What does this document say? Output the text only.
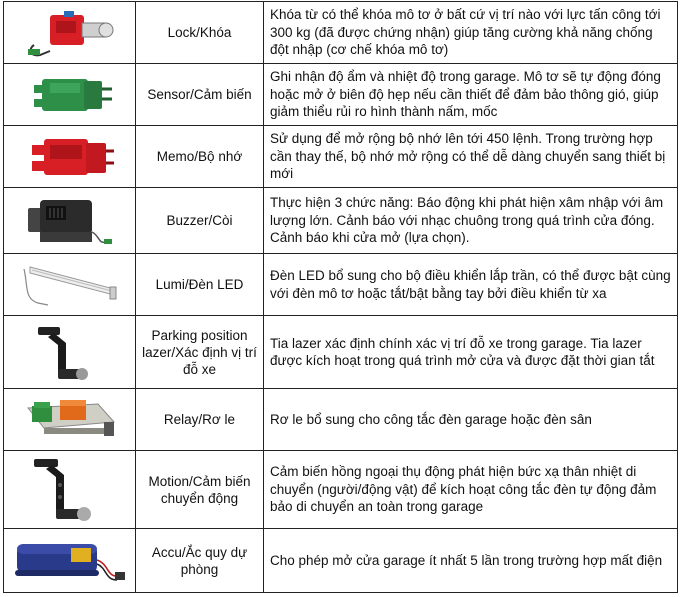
	Lock/Khóa	Khóa từ có thể khóa mô tơ ở bất cứ vị trí nào với lực tấn công tới 300 kg (đã được chứng nhận) giúp tăng cường khả năng chống đột nhập (cơ chế khóa mô tơ)

	Sensor/Cảm biến	Ghi nhận độ ẩm và nhiệt độ trong garage. Mô tơ sẽ tự động đóng hoặc mở ở biên độ hẹp nếu cần thiết để đảm bảo thông gió, giúp giảm thiểu rủi ro hình thành nấm, mốc

	Memo/Bộ nhớ	Sử dụng để mở rộng bộ nhớ lên tới 450 lệnh. Trong trường hợp cần thay thế, bộ nhớ mở rộng có thể dễ dàng chuyển sang thiết bị mới

	Buzzer/Còi	Thực hiện 3 chức năng: Báo động khi phát hiện xâm nhập với âm lượng lớn. Cảnh báo với nhạc chuông trong quá trình cửa đóng. Cảnh báo khi cửa mở (lựa chọn).

	Lumi/Đèn LED	Đèn LED bổ sung cho bộ điều khiển lắp trần, có thể được bật cùng với đèn mô tơ hoặc tắt/bật bằng tay bởi điều khiển từ xa

	Parking position lazer/Xác định vị trí đỗ xe	Tia lazer xác định chính xác vị trí đỗ xe trong garage. Tia lazer được kích hoạt trong quá trình mở cửa và được đặt thời gian tắt

	Relay/Rơ le	Rơ le bổ sung cho công tắc đèn garage hoặc đèn sân

	Motion/Cảm biến chuyển động	Cảm biến hồng ngoại thụ động phát hiện bức xạ thân nhiệt di chuyển (người/động vật) để kích hoạt công tắc đèn tự động đảm bảo di chuyển an toàn trong garage

	Accu/Ắc quy dự phòng	Cho phép mở cửa garage ít nhất 5 lần trong trường hợp mất điện
